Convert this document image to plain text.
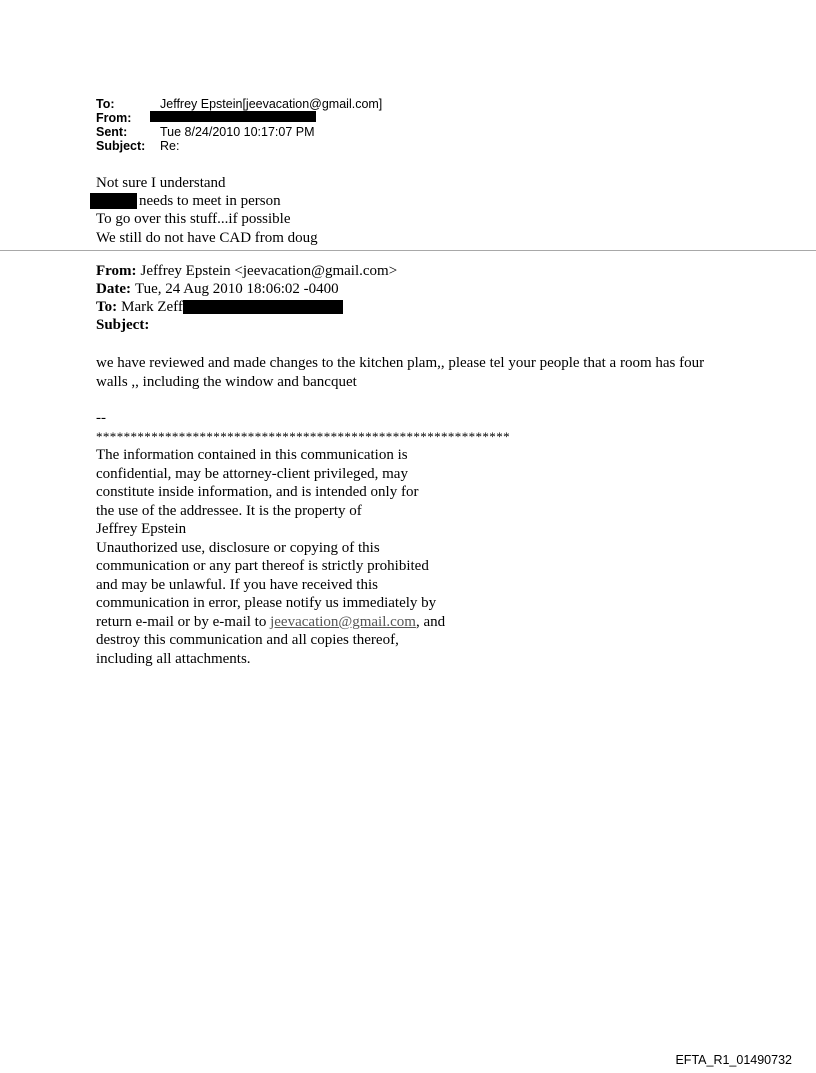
To:	Jeffrey Epstein[jeevacation@gmail.com]
From:
Sent:	Tue 8/24/2010 10:17:07 PM
Subject:	Re:
Not sure I understand
needs to meet in person
To go over this stuff...if possible
We still do not have CAD from doug
From: Jeffrey Epstein <jeevacation@gmail.com>
Date: Tue, 24 Aug 2010 18:06:02 -0400
To: Mark Zeff
Subject:
we have reviewed and made changes to the kitchen plam,, please tel your people that a room has four walls ,, including the window and bancquet
--
************************************************************
The information contained in this communication is
confidential, may be attorney-client privileged, may
constitute inside information, and is intended only for
the use of the addressee. It is the property of
Jeffrey Epstein
Unauthorized use, disclosure or copying of this
communication or any part thereof is strictly prohibited
and may be unlawful. If you have received this
communication in error, please notify us immediately by
return e-mail or by e-mail to jeevacation@gmail.com, and
destroy this communication and all copies thereof,
including all attachments.
EFTA_R1_01490732
